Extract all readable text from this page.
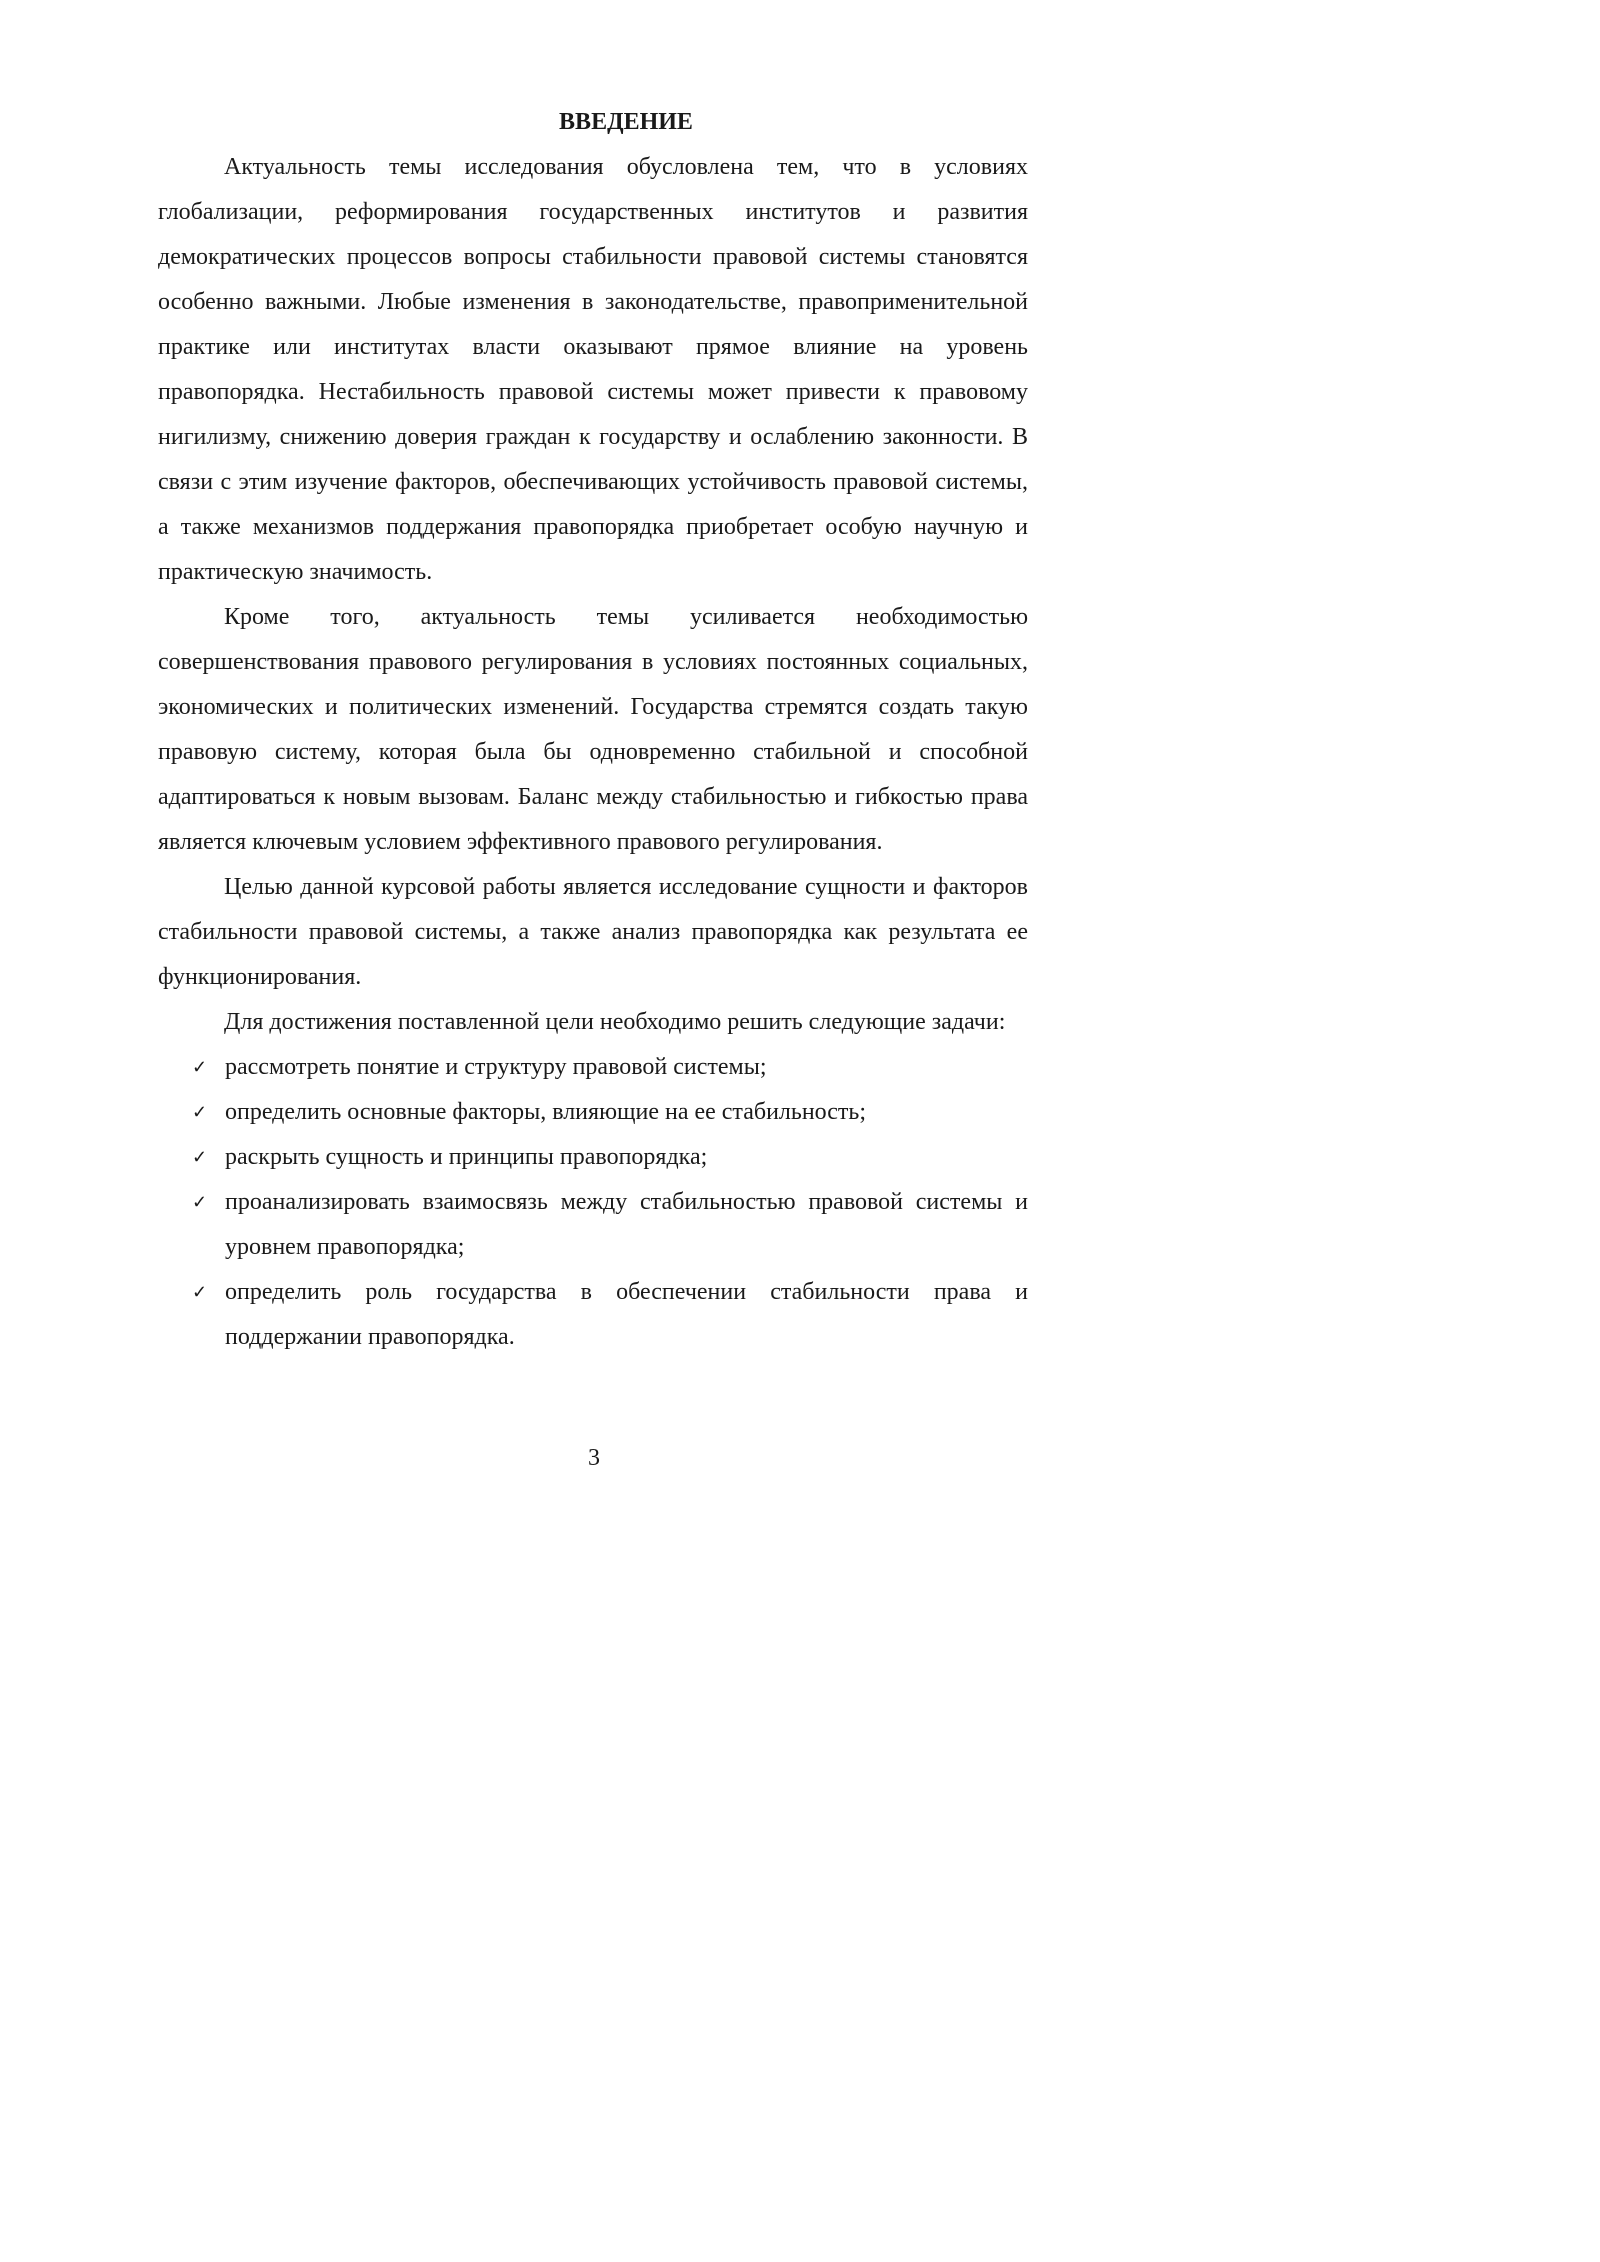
ВВЕДЕНИЕ

Актуальность темы исследования обусловлена тем, что в условиях глобализации, реформирования государственных институтов и развития демократических процессов вопросы стабильности правовой системы становятся особенно важными. Любые изменения в законодательстве, правоприменительной практике или институтах власти оказывают прямое влияние на уровень правопорядка. Нестабильность правовой системы может привести к правовому нигилизму, снижению доверия граждан к государству и ослаблению законности. В связи с этим изучение факторов, обеспечивающих устойчивость правовой системы, а также механизмов поддержания правопорядка приобретает особую научную и практическую значимость.

Кроме того, актуальность темы усиливается необходимостью совершенствования правового регулирования в условиях постоянных социальных, экономических и политических изменений. Государства стремятся создать такую правовую систему, которая была бы одновременно стабильной и способной адаптироваться к новым вызовам. Баланс между стабильностью и гибкостью права является ключевым условием эффективного правового регулирования.

Целью данной курсовой работы является исследование сущности и факторов стабильности правовой системы, а также анализ правопорядка как результата ее функционирования.

Для достижения поставленной цели необходимо решить следующие задачи:

✓ рассмотреть понятие и структуру правовой системы;
✓ определить основные факторы, влияющие на ее стабильность;
✓ раскрыть сущность и принципы правопорядка;
✓ проанализировать взаимосвязь между стабильностью правовой системы и уровнем правопорядка;
✓ определить роль государства в обеспечении стабильности права и поддержании правопорядка.
3
